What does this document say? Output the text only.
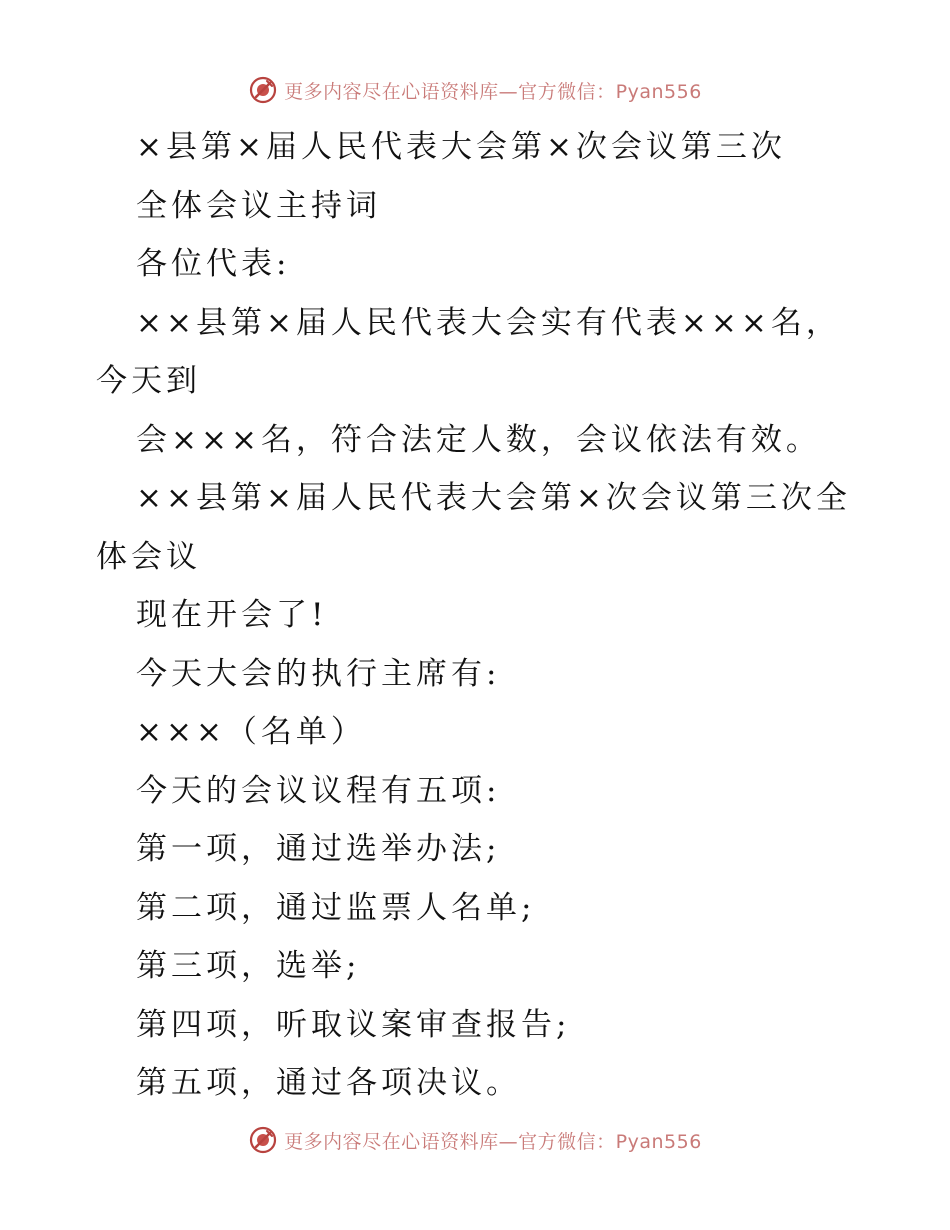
更多内容尽在心语资料库—官方微信：Pyan556

×县第×届人民代表大会第×次会议第三次

全体会议主持词

各位代表:

××县第×届人民代表大会实有代表×××名，今天到

会×××名，符合法定人数，会议依法有效。

××县第×届人民代表大会第×次会议第三次全体会议

现在开会了!

今天大会的执行主席有:

×××（名单）

今天的会议议程有五项:

第一项，通过选举办法;

第二项，通过监票人名单;

第三项，选举;

第四项，听取议案审查报告;

第五项，通过各项决议。

更多内容尽在心语资料库—官方微信：Pyan556
